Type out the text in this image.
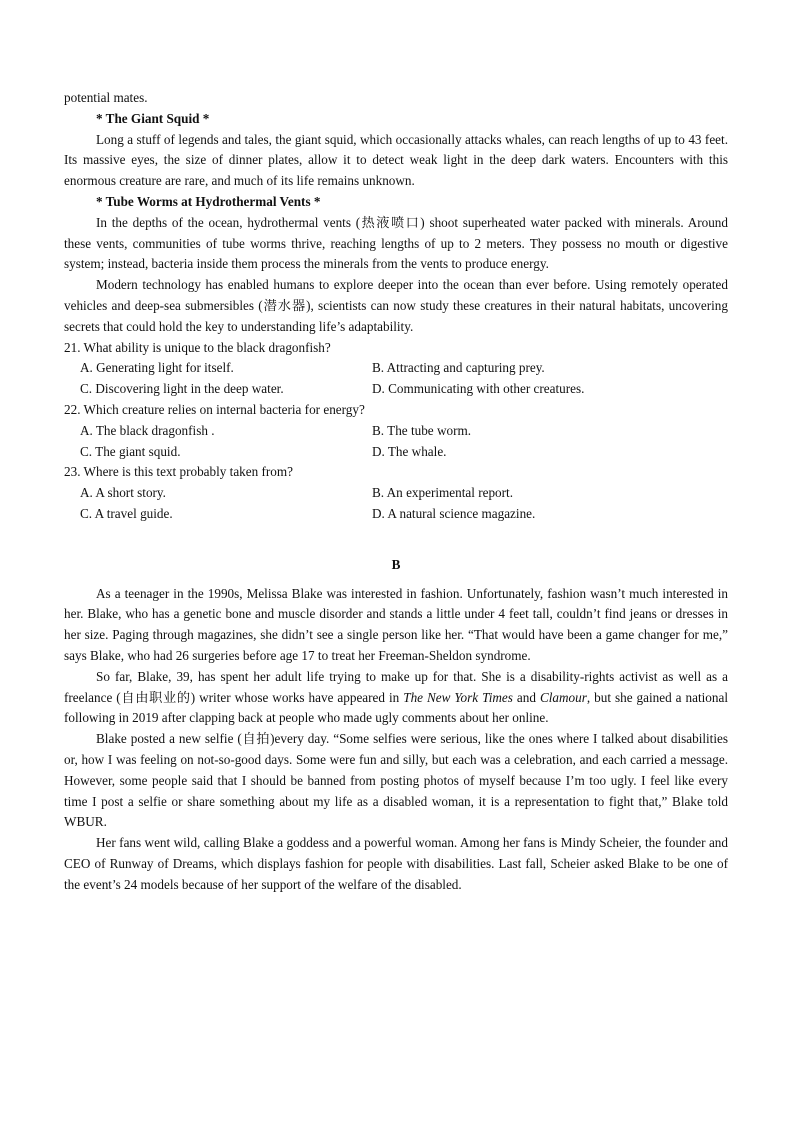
potential mates.

* The Giant Squid *

Long a stuff of legends and tales, the giant squid, which occasionally attacks whales, can reach lengths of up to 43 feet. Its massive eyes, the size of dinner plates, allow it to detect weak light in the deep dark waters. Encounters with this enormous creature are rare, and much of its life remains unknown.

* Tube Worms at Hydrothermal Vents *

In the depths of the ocean, hydrothermal vents (热液喷口) shoot superheated water packed with minerals. Around these vents, communities of tube worms thrive, reaching lengths of up to 2 meters. They possess no mouth or digestive system; instead, bacteria inside them process the minerals from the vents to produce energy.

Modern technology has enabled humans to explore deeper into the ocean than ever before. Using remotely operated vehicles and deep-sea submersibles (潜水器), scientists can now study these creatures in their natural habitats, uncovering secrets that could hold the key to understanding life’s adaptability.

21. What ability is unique to the black dragonfish?
A. Generating light for itself.	B. Attracting and capturing prey.
C. Discovering light in the deep water.	D. Communicating with other creatures.
22. Which creature relies on internal bacteria for energy?
A. The black dragonfish .	B. The tube worm.
C. The giant squid.	D. The whale.
23. Where is this text probably taken from?
A. A short story.	B. An experimental report.
C. A travel guide.	D. A natural science magazine.
B

As a teenager in the 1990s, Melissa Blake was interested in fashion. Unfortunately, fashion wasn’t much interested in her. Blake, who has a genetic bone and muscle disorder and stands a little under 4 feet tall, couldn’t find jeans or dresses in her size. Paging through magazines, she didn’t see a single person like her. “That would have been a game changer for me,” says Blake, who had 26 surgeries before age 17 to treat her Freeman-Sheldon syndrome.

So far, Blake, 39, has spent her adult life trying to make up for that. She is a disability-rights activist as well as a freelance (自由职业的) writer whose works have appeared in The New York Times and Clamour, but she gained a national following in 2019 after clapping back at people who made ugly comments about her online.

Blake posted a new selfie (自拍)every day. “Some selfies were serious, like the ones where I talked about disabilities or, how I was feeling on not-so-good days. Some were fun and silly, but each was a celebration, and each carried a message. However, some people said that I should be banned from posting photos of myself because I’m too ugly. I feel like every time I post a selfie or share something about my life as a disabled woman, it is a representation to fight that,” Blake told WBUR.

Her fans went wild, calling Blake a goddess and a powerful woman. Among her fans is Mindy Scheier, the founder and CEO of Runway of Dreams, which displays fashion for people with disabilities. Last fall, Scheier asked Blake to be one of the event’s 24 models because of her support of the welfare of the disabled.
